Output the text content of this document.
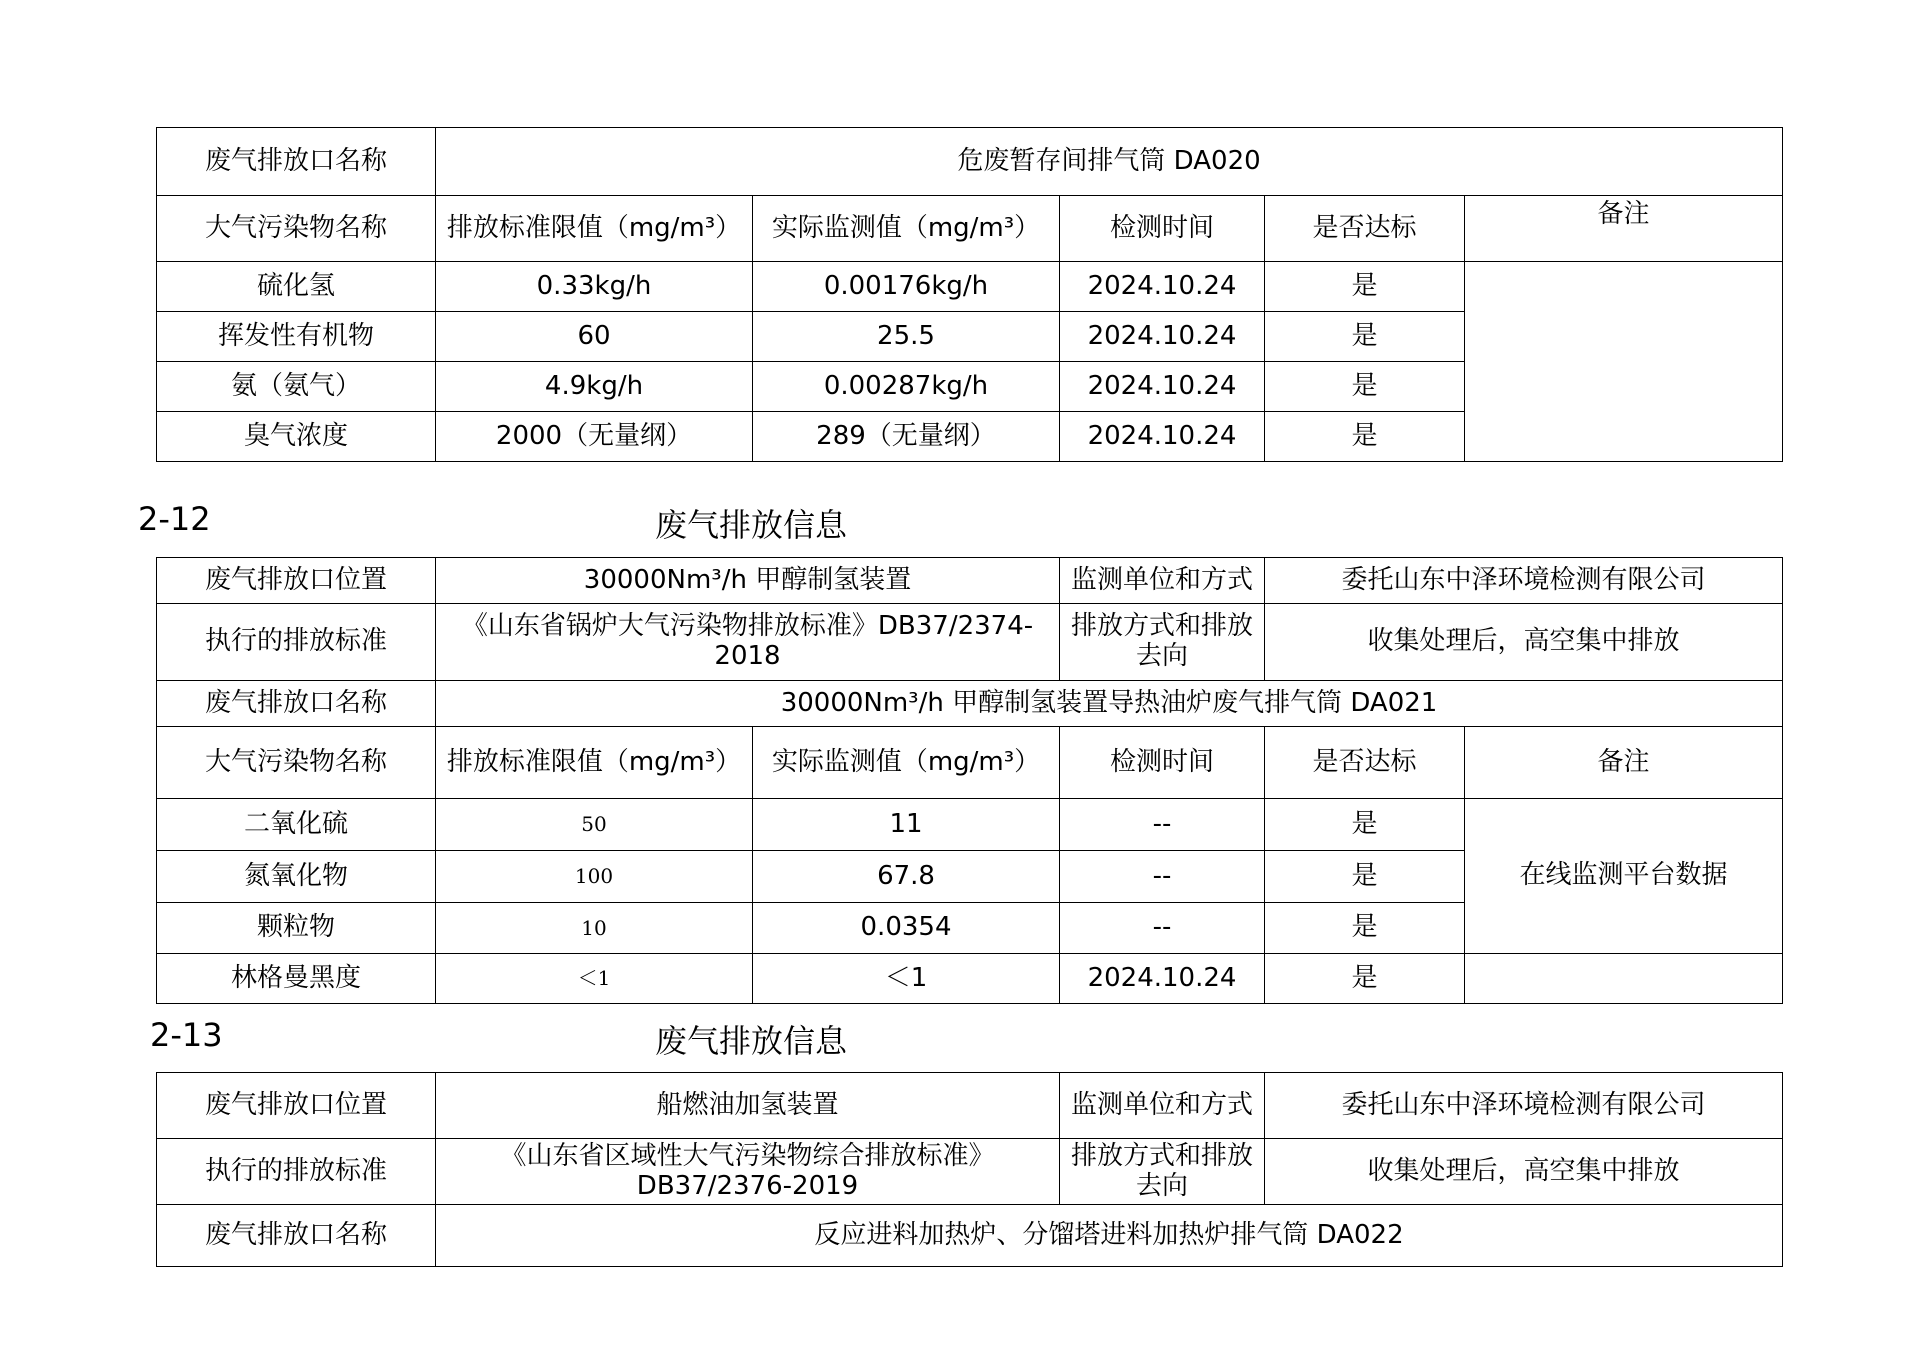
废气排放口名称	危废暂存间排气筒 DA020				
大气污染物名称	排放标准限值（mg/m³）	实际监测值（mg/m³）	检测时间	是否达标	备注
硫化氢	0.33kg/h	0.00176kg/h	2024.10.24	是	
挥发性有机物	60	25.5	2024.10.24	是	
氨（氨气）	4.9kg/h	0.00287kg/h	2024.10.24	是	
臭气浓度	2000（无量纲）	289（无量纲）	2024.10.24	是	
2-12	废气排放信息
废气排放口位置	30000Nm³/h 甲醇制氢装置		监测单位和方式	委托山东中泽环境检测有限公司	
执行的排放标准	《山东省锅炉大气污染物排放标准》DB37/2374-2018		排放方式和排放去向	收集处理后，高空集中排放	
废气排放口名称	30000Nm³/h 甲醇制氢装置导热油炉废气排气筒 DA021				
大气污染物名称	排放标准限值（mg/m³）	实际监测值（mg/m³）	检测时间	是否达标	备注
二氧化硫	50	11	--	是	在线监测平台数据
氮氧化物	100	67.8	--	是	
颗粒物	10	0.0354	--	是	
林格曼黑度	＜1	＜1	2024.10.24	是	
2-13	废气排放信息
废气排放口位置	船燃油加氢装置	监测单位和方式	委托山东中泽环境检测有限公司
执行的排放标准	《山东省区域性大气污染物综合排放标准》DB37/2376-2019	排放方式和排放去向	收集处理后，高空集中排放
废气排放口名称	反应进料加热炉、分馏塔进料加热炉排气筒 DA022		
